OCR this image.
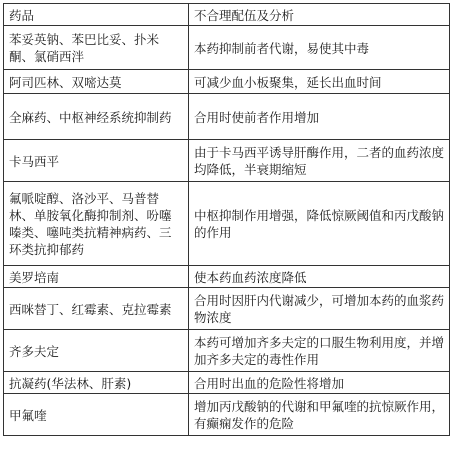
药品	不合理配伍及分析
苯妥英钠、苯巴比妥、扑米酮、氯硝西泮	本药抑制前者代谢，易使其中毒
阿司匹林、双嘧达莫	可减少血小板聚集，延长出血时间
全麻药、中枢神经系统抑制药	合用时使前者作用增加
卡马西平	由于卡马西平诱导肝酶作用，二者的血药浓度均降低，半衰期缩短
氟哌啶醇、洛沙平、马普替林、单胺氧化酶抑制剂、吩噻嗪类、噻吨类抗精神病药、三环类抗抑郁药	中枢抑制作用增强，降低惊厥阈值和丙戊酸钠的作用
美罗培南	使本药血药浓度降低
西咪替丁、红霉素、克拉霉素	合用时因肝内代谢减少，可增加本药的血浆药物浓度
齐多夫定	本药可增加齐多夫定的口服生物利用度，并增加齐多夫定的毒性作用
抗凝药(华法林、肝素)	合用时出血的危险性将增加
甲氟喹	增加丙戊酸钠的代谢和甲氟喹的抗惊厥作用，有癫痫发作的危险
